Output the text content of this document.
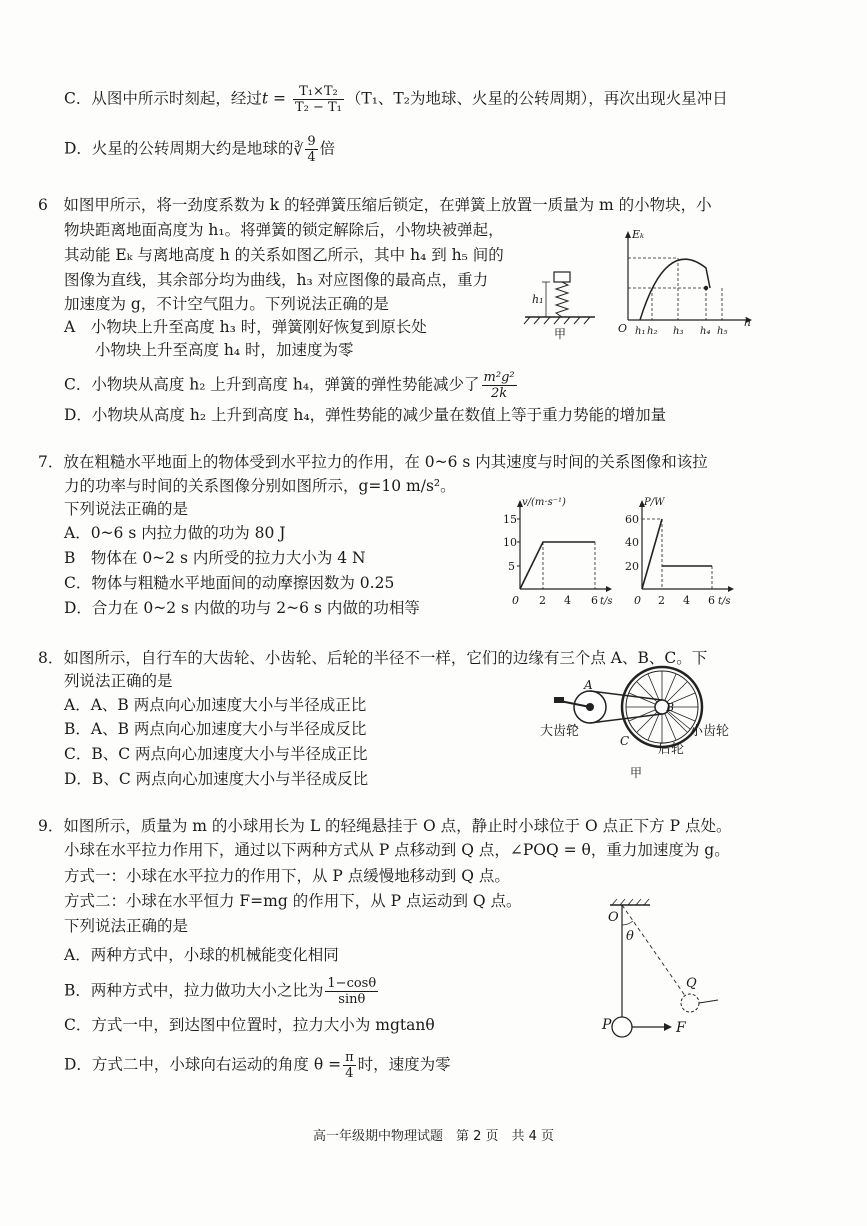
C．从图中所示时刻起，经过$t = \frac{\text{T₁×T₂}}{\text{T₂ − T₁}} (T_1$、T₂为地球、火星的公转周期），再次出现火星冲日
D．火星的公转周期大约是地球的∛ $\frac{9}{4}$ 倍
6　如图甲所示，将一劲度系数为 k 的轻弹簧压缩后锁定，在弹簧上放置一质量为 m 的小物块，小
物块距离地面高度为 h₁。将弹簧的锁定解除后，小物块被弹起，
其动能 Eₖ 与离地高度 h 的关系如图乙所示，其中 h₄ 到 h₅ 间的
图像为直线，其余部分均为曲线，h₃ 对应图像的最高点，重力
加速度为 g，不计空气阻力。下列说法正确的是
A　小物块上升至高度 h₃ 时，弹簧刚好恢复到原长处
　　小物块上升至高度 h₄ 时，加速度为零
C．小物块从高度 h₂ 上升到高度 h₄，弹簧的弹性势能减少了 $\frac{\text{m²g²}}{2k}$
D．小物块从高度 h₂ 上升到高度 h₄，弹性势能的减少量在数值上等于重力势能的增加量
h₁
甲
Eₖ
h
O h₁ h₂ h₃ h₄ h₅
7．放在粗糙水平地面上的物体受到水平拉力的作用，在 0~6 s 内其速度与时间的关系图像和该拉
力的功率与时间的关系图像分别如图所示，g=10 m/s²。
下列说法正确的是
A．0~6 s 内拉力做的功为 80 J
B　物体在 0~2 s 内所受的拉力大小为 4 N
C．物体与粗糙水平地面间的动摩擦因数为 0.25
D．合力在 0~2 s 内做的功与 2~6 s 内做的功相等
v/(m·s⁻¹)
15
10
5
0 2 4 6 t/s
P/W
60
40
20
0 2 4 6 t/s
8．如图所示，自行车的大齿轮、小齿轮、后轮的半径不一样，它们的边缘有三个点 A、B、C。下
列说法正确的是
A．A、B 两点向心加速度大小与半径成正比
B．A、B 两点向心加速度大小与半径成反比
C．B、C 两点向心加速度大小与半径成正比
D．B、C 两点向心加速度大小与半径成反比
A
B
C
大齿轮	小齿轮
后轮
甲
9．如图所示，质量为 m 的小球用长为 L 的轻绳悬挂于 O 点，静止时小球位于 O 点正下方 P 点处。
小球在水平拉力作用下，通过以下两种方式从 P 点移动到 Q 点，∠POQ = θ，重力加速度为 g。
方式一：小球在水平拉力的作用下，从 P 点缓慢地移动到 Q 点。
方式二：小球在水平恒力 F=mg 的作用下，从 P 点运动到 Q 点。
下列说法正确的是
A．两种方式中，小球的机械能变化相同
B．两种方式中，拉力做功大小之比为 $\frac{1-\cos\theta}{\sin\theta}$
C．方式一中，到达图中位置时，拉力大小为 mgtanθ
D．方式二中，小球向右运动的角度 $\theta = \frac{\pi}{4}$ 时，速度为零
O
θ
Q
P	F
高一年级期中物理试题　第 2 页　共 4 页
